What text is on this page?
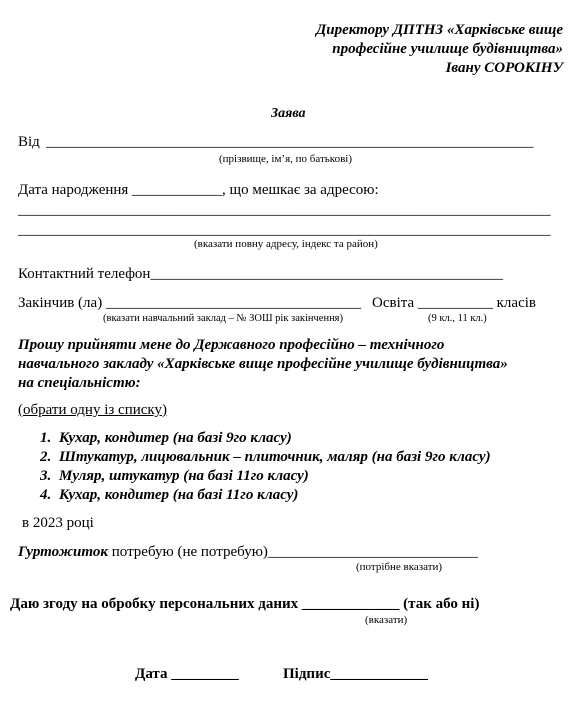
Директору ДПТНЗ «Харківське вище
професійне училище будівництва»
Івану СОРОКІНУ
Заява
Від _________________________________________________________________
(прізвище, ім’я, по батькові)
Дата народження ____________, що мешкає за адресою:
_______________________________________________________________________
_______________________________________________________________________
(вказати повну адресу, індекс та район)
Контактний телефон_______________________________________________
Закінчив (ла) __________________________________ Освіта __________ класів
(вказати навчальний заклад – № ЗОШ рік закінчення)	(9 кл., 11 кл.)
Прошу прийняти мене до Державного професійно – технічного
навчального закладу «Харківське вище професійне училище будівництва»
на спеціальністю:
(обрати одну із списку)
1. Кухар, кондитер (на базі 9го класу)
2. Штукатур, лицювальник – плиточник, маляр (на базі 9го класу)
3. Муляр, штукатур (на базі 11го класу)
4. Кухар, кондитер (на базі 11го класу)
в 2023 році
Гуртожиток потребую (не потребую)____________________________
(потрібне вказати)
Даю згоду на обробку персональних даних _____________ (так або ні)
(вказати)
Дата _________	Підпис_____________
